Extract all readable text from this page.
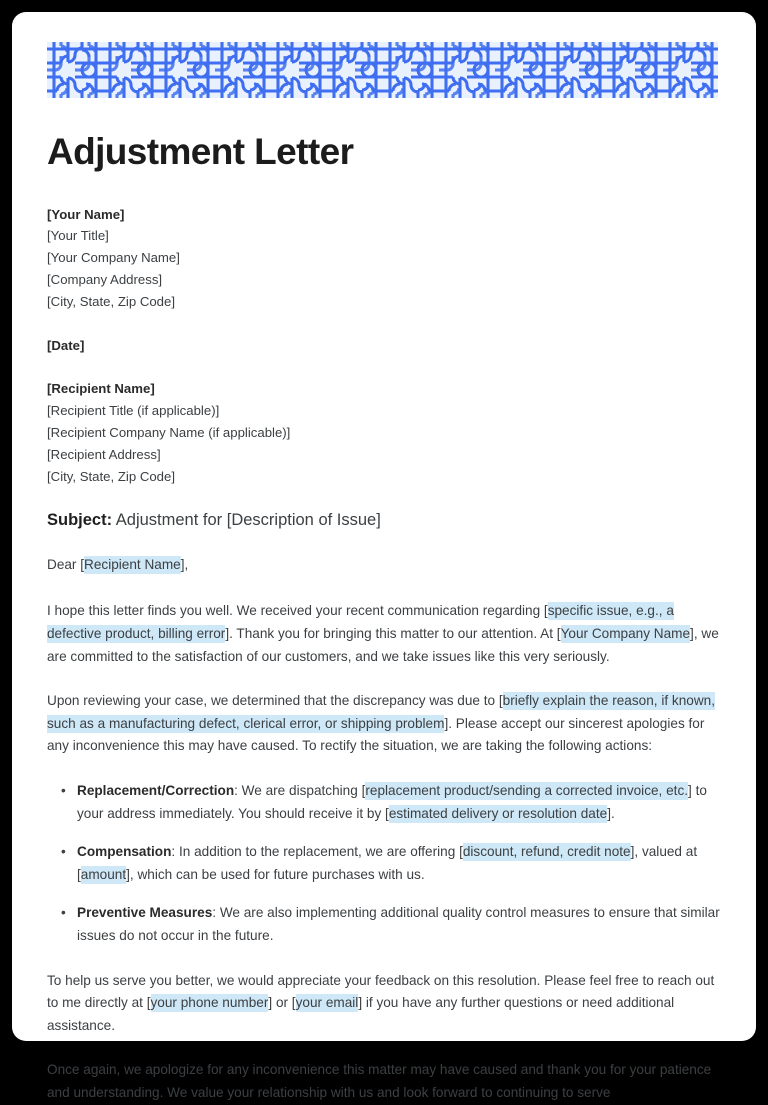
Adjustment Letter
[Your Name]
[Your Title]
[Your Company Name]
[Company Address]
[City, State, Zip Code]
[Date]
[Recipient Name]
[Recipient Title (if applicable)]
[Recipient Company Name (if applicable)]
[Recipient Address]
[City, State, Zip Code]
Subject: Adjustment for [Description of Issue]
Dear [Recipient Name],

I hope this letter finds you well. We received your recent communication regarding [specific issue, e.g., a defective product, billing error]. Thank you for bringing this matter to our attention. At [Your Company Name], we are committed to the satisfaction of our customers, and we take issues like this very seriously.

Upon reviewing your case, we determined that the discrepancy was due to [briefly explain the reason, if known, such as a manufacturing defect, clerical error, or shipping problem]. Please accept our sincerest apologies for any inconvenience this may have caused. To rectify the situation, we are taking the following actions:

• Replacement/Correction: We are dispatching [replacement product/sending a corrected invoice, etc.] to your address immediately. You should receive it by [estimated delivery or resolution date].
• Compensation: In addition to the replacement, we are offering [discount, refund, credit note], valued at [amount], which can be used for future purchases with us.
• Preventive Measures: We are also implementing additional quality control measures to ensure that similar issues do not occur in the future.

To help us serve you better, we would appreciate your feedback on this resolution. Please feel free to reach out to me directly at [your phone number] or [your email] if you have any further questions or need additional assistance.

Once again, we apologize for any inconvenience this matter may have caused and thank you for your patience and understanding. We value your relationship with us and look forward to continuing to serve
